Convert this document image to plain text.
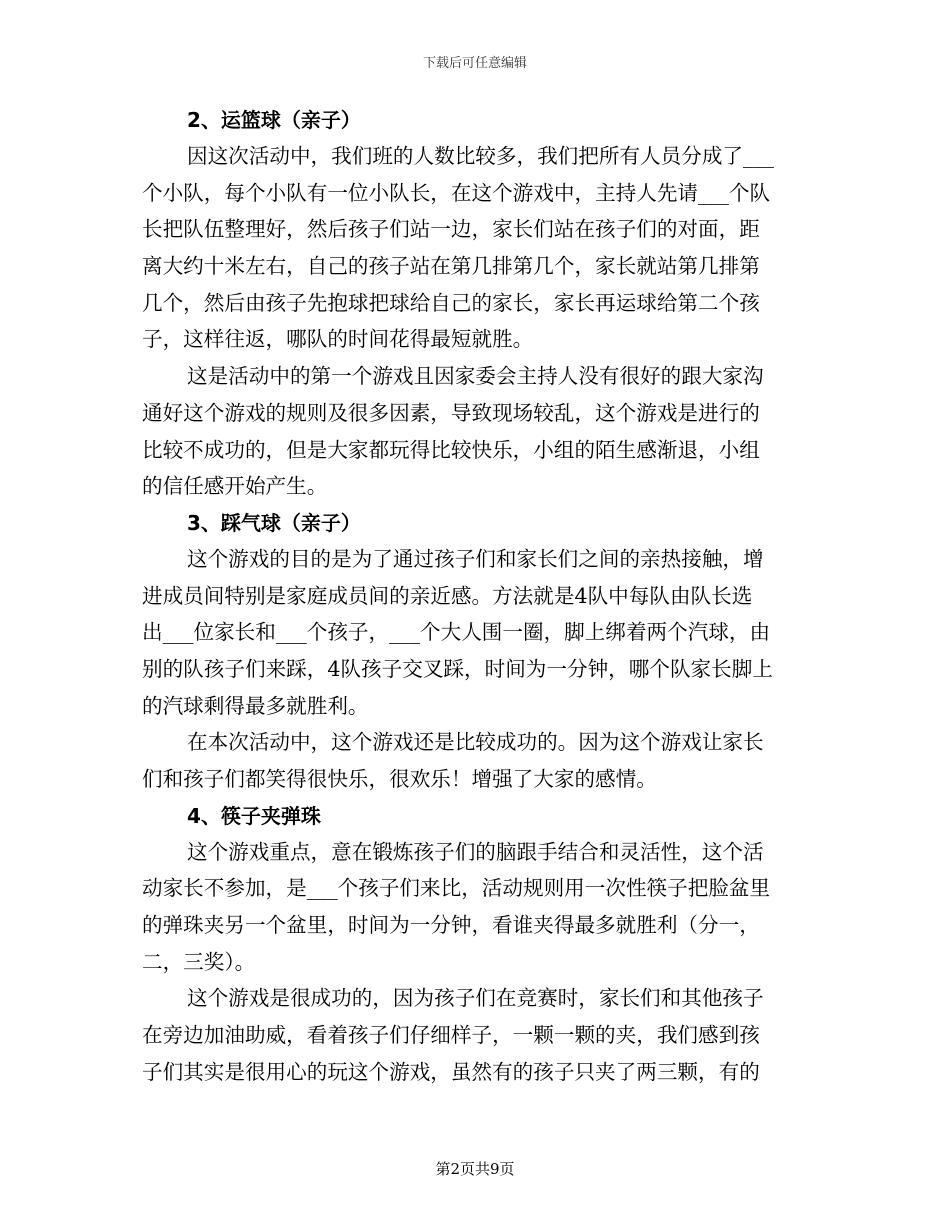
下载后可任意编辑
2、运篮球（亲子）
因这次活动中，我们班的人数比较多，我们把所有人员分成了___
个小队，每个小队有一位小队长，在这个游戏中，主持人先请___个队
长把队伍整理好，然后孩子们站一边，家长们站在孩子们的对面，距
离大约十米左右，自己的孩子站在第几排第几个，家长就站第几排第
几个，然后由孩子先抱球把球给自己的家长，家长再运球给第二个孩
子，这样往返，哪队的时间花得最短就胜。
这是活动中的第一个游戏且因家委会主持人没有很好的跟大家沟
通好这个游戏的规则及很多因素，导致现场较乱，这个游戏是进行的
比较不成功的，但是大家都玩得比较快乐，小组的陌生感渐退，小组
的信任感开始产生。
3、踩气球（亲子）
这个游戏的目的是为了通过孩子们和家长们之间的亲热接触，增
进成员间特别是家庭成员间的亲近感。方法就是4队中每队由队长选
出___位家长和___个孩子，___个大人围一圈，脚上绑着两个汽球，由
别的队孩子们来踩，4队孩子交叉踩，时间为一分钟，哪个队家长脚上
的汽球剩得最多就胜利。
在本次活动中，这个游戏还是比较成功的。因为这个游戏让家长
们和孩子们都笑得很快乐，很欢乐！增强了大家的感情。
4、筷子夹弹珠
这个游戏重点，意在锻炼孩子们的脑跟手结合和灵活性，这个活
动家长不参加，是___个孩子们来比，活动规则用一次性筷子把脸盆里
的弹珠夹另一个盆里，时间为一分钟，看谁夹得最多就胜利（分一，
二，三奖）。
这个游戏是很成功的，因为孩子们在竞赛时，家长们和其他孩子
在旁边加油助威，看着孩子们仔细样子，一颗一颗的夹，我们感到孩
子们其实是很用心的玩这个游戏，虽然有的孩子只夹了两三颗，有的
第2页共9页
